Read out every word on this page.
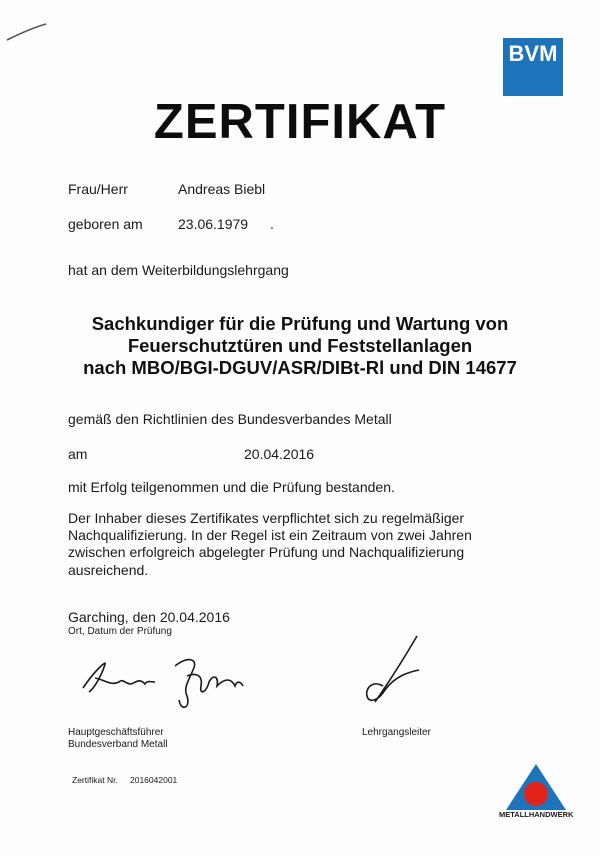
BVM
ZERTIFIKAT
Frau/Herr	Andreas Biebl
geboren am	23.06.1979 .
hat an dem Weiterbildungslehrgang
Sachkundiger für die Prüfung und Wartung von
Feuerschutztüren und Feststellanlagen
nach MBO/BGI-DGUV/ASR/DIBt-Rl und DIN 14677
gemäß den Richtlinien des Bundesverbandes Metall
am	20.04.2016
mit Erfolg teilgenommen und die Prüfung bestanden.
Der Inhaber dieses Zertifikates verpflichtet sich zu regelmäßiger
Nachqualifizierung. In der Regel ist ein Zeitraum von zwei Jahren
zwischen erfolgreich abgelegter Prüfung und Nachqualifizierung
ausreichend.
Garching, den 20.04.2016
Ort, Datum der Prüfung
Hauptgeschäftsführer
Bundesverband Metall
Lehrgangsleiter
Zertifikat Nr. 2016042001
METALLHANDWERK
